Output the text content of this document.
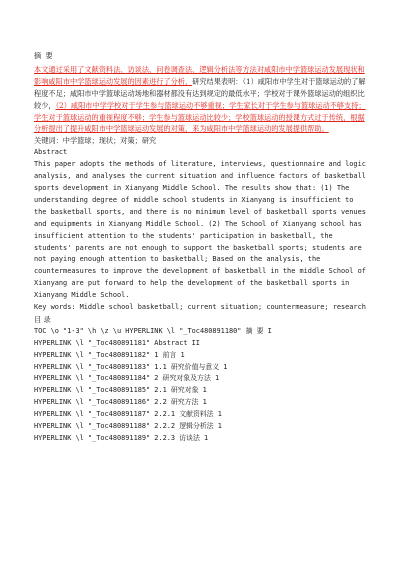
摘 要

本文通过采用了文献资料法、访谈法、问卷调查法、逻辑分析法等方法对咸阳市中学篮球运动发展现状和影响咸阳市中学篮球运动发展的因素进行了分析，研究结果表明：（1）咸阳市中学生对于篮球运动的了解程度不足；咸阳市中学篮球运动场地和器材都没有达到规定的最低水平；学校对于课外篮球运动的组织比较少，（2）咸阳市中学学校对于学生参与篮球运动不够重视；学生家长对于学生参与篮球运动不够支持；学生对于篮球运动的重视程度不够；学生参与篮球运动比较少；学校篮球运动的授课方式过于传统，根据分析提出了提升咸阳市中学篮球运动发展的对策，来为咸阳市中学篮球运动的发展提供帮助。

关键词：中学篮球；现状；对策；研究

Abstract

This paper adopts the methods of literature, interviews, questionnaire and logic analysis, and analyses the current situation and influence factors of basketball sports development in Xianyang Middle School. The results show that: (1) The understanding degree of middle school students in Xianyang is insufficient to the basketball sports, and there is no minimum level of basketball sports venues and equipments in Xianyang Middle School. (2) The School of Xianyang school has insufficient attention to the students' participation in basketball, the students' parents are not enough to support the basketball sports; students are not paying enough attention to basketball; Based on the analysis, the countermeasures to improve the development of basketball in the middle School of Xianyang are put forward to help the development of the basketball sports in Xianyang Middle School.

Key words: Middle school basketball; current situation; countermeasure; research

目 录

TOC \o "1-3" \h \z \u HYPERLINK \l "_Toc480891180" 摘 要 I

HYPERLINK \l "_Toc480891181" Abstract II

HYPERLINK \l "_Toc480891182" 1 前言 1

HYPERLINK \l "_Toc480891183" 1.1 研究价值与意义 1

HYPERLINK \l "_Toc480891184" 2 研究对象及方法 1

HYPERLINK \l "_Toc480891185" 2.1 研究对象 1

HYPERLINK \l "_Toc480891186" 2.2 研究方法 1

HYPERLINK \l "_Toc480891187" 2.2.1 文献资料法 1

HYPERLINK \l "_Toc480891188" 2.2.2 逻辑分析法 1

HYPERLINK \l "_Toc480891189" 2.2.3 访谈法 1
